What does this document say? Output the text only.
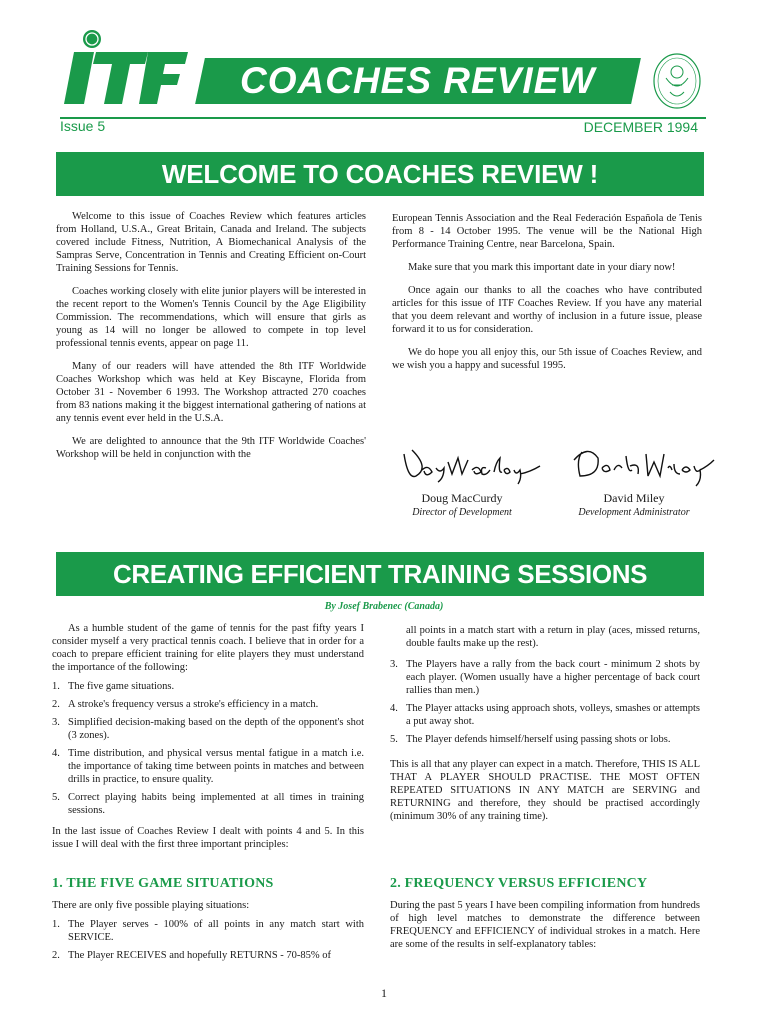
COACHES REVIEW
Issue 5	DECEMBER 1994
WELCOME TO COACHES REVIEW !

Welcome to this issue of Coaches Review which features articles from Holland, U.S.A., Great Britain, Canada and Ireland. The subjects covered include Fitness, Nutrition, A Biomechanical Analysis of the Sampras Serve, Concentration in Tennis and Creating Efficient on-Court Training Sessions for Tennis.

Coaches working closely with elite junior players will be interested in the recent report to the Women's Tennis Council by the Age Eligibility Commission. The recommendations, which will ensure that girls as young as 14 will no longer be allowed to compete in top level professional tennis events, appear on page 11.

Many of our readers will have attended the 8th ITF Worldwide Coaches Workshop which was held at Key Biscayne, Florida from October 31 - November 6 1993. The Workshop attracted 270 coaches from 83 nations making it the biggest international gathering of nations at any tennis event ever held in the U.S.A.

We are delighted to announce that the 9th ITF Worldwide Coaches' Workshop will be held in conjunction with the

European Tennis Association and the Real Federación Española de Tenis from 8 - 14 October 1995. The venue will be the National High Performance Training Centre, near Barcelona, Spain.

Make sure that you mark this important date in your diary now!

Once again our thanks to all the coaches who have contributed articles for this issue of ITF Coaches Review. If you have any material that you deem relevant and worthy of inclusion in a future issue, please forward it to us for consideration.

We do hope you all enjoy this, our 5th issue of Coaches Review, and we wish you a happy and sucessful 1995.

Doug MacCurdy
Director of Development
David Miley
Development Administrator
CREATING EFFICIENT TRAINING SESSIONS
By Josef Brabenec (Canada)

As a humble student of the game of tennis for the past fifty years I consider myself a very practical tennis coach. I believe that in order for a coach to prepare efficient training for elite players they must understand the importance of the following:

1. The five game situations.
2. A stroke's frequency versus a stroke's efficiency in a match.
3. Simplified decision-making based on the depth of the opponent's shot (3 zones).
4. Time distribution, and physical versus mental fatigue in a match i.e. the importance of taking time between points in matches and between drills in practice, to ensure quality.
5. Correct playing habits being implemented at all times in training sessions.

In the last issue of Coaches Review I dealt with points 4 and 5. In this issue I will deal with the first three important principles:

1. THE FIVE GAME SITUATIONS

There are only five possible playing situations:

1. The Player serves - 100% of all points in any match start with SERVICE.
2. The Player RECEIVES and hopefully RETURNS - 70-85% of

all points in a match start with a return in play (aces, missed returns, double faults make up the rest).

3. The Players have a rally from the back court - minimum 2 shots by each player. (Women usually have a higher percentage of back court rallies than men.)
4. The Player attacks using approach shots, volleys, smashes or attempts a put away shot.
5. The Player defends himself/herself using passing shots or lobs.

This is all that any player can expect in a match. Therefore, THIS IS ALL THAT A PLAYER SHOULD PRACTISE. THE MOST OFTEN REPEATED SITUATIONS IN ANY MATCH are SERVING and RETURNING and therefore, they should be practised accordingly (minimum 30% of any training time).

2. FREQUENCY VERSUS EFFICIENCY

During the past 5 years I have been compiling information from hundreds of high level matches to demonstrate the difference between FREQUENCY and EFFICIENCY of individual strokes in a match. Here are some of the results in self-explanatory tables:

1
